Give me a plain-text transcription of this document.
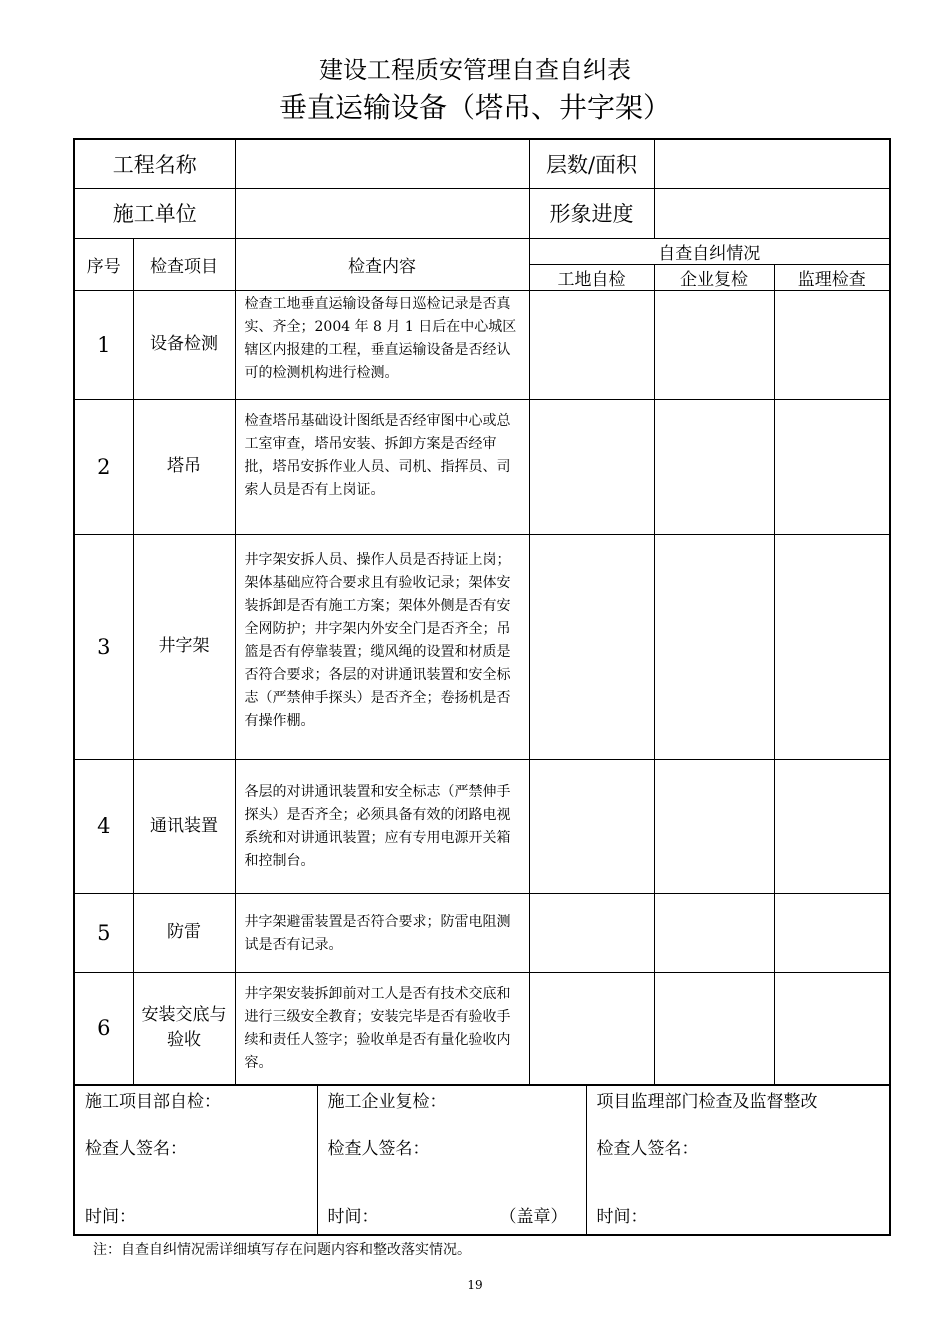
建设工程质安管理自查自纠表
垂直运输设备（塔吊、井字架）
工程名称			层数/面积		
施工单位			形象进度		
序号	检查项目	检查内容	自查自纠情况		
			工地自检	企业复检	监理检查
1	设备检测	检查工地垂直运输设备每日巡检记录是否真实、齐全；2004 年 8 月 1 日后在中心城区辖区内报建的工程，垂直运输设备是否经认可的检测机构进行检测。			
2	塔吊	检查塔吊基础设计图纸是否经审图中心或总工室审查，塔吊安装、拆卸方案是否经审批，塔吊安拆作业人员、司机、指挥员、司索人员是否有上岗证。			
3	井字架	井字架安拆人员、操作人员是否持证上岗；架体基础应符合要求且有验收记录；架体安装拆卸是否有施工方案；架体外侧是否有安全网防护；井字架内外安全门是否齐全；吊篮是否有停靠装置；缆风绳的设置和材质是否符合要求；各层的对讲通讯装置和安全标志（严禁伸手探头）是否齐全；卷扬机是否有操作棚。			
4	通讯装置	各层的对讲通讯装置和安全标志（严禁伸手探头）是否齐全；必须具备有效的闭路电视系统和对讲通讯装置；应有专用电源开关箱和控制台。			
5	防雷	井字架避雷装置是否符合要求；防雷电阻测试是否有记录。			
6	安装交底与验收	井字架安装拆卸前对工人是否有技术交底和进行三级安全教育；安装完毕是否有验收手续和责任人签字；验收单是否有量化验收内容。			
施工项目部自检：
检查人签名：
时间：

施工企业复检：
检查人签名：
时间：	（盖章）

项目监理部门检查及监督整改
检查人签名：
时间：
注：自查自纠情况需详细填写存在问题内容和整改落实情况。
19
